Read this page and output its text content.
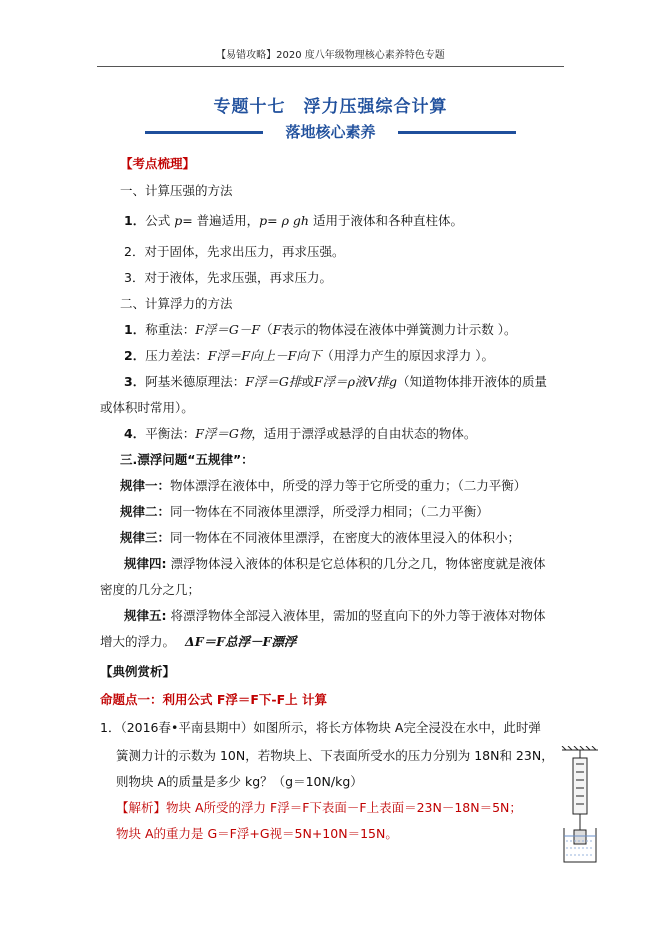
【易错攻略】2020 度八年级物理核心素养特色专题
专题十七　浮力压强综合计算
落地核心素养
【考点梳理】
一、计算压强的方法
1．公式 p= 普遍适用，p= ρ gh 适用于液体和各种直柱体。
2．对于固体，先求出压力，再求压强。
3．对于液体，先求压强，再求压力。
二、计算浮力的方法
1．称重法：F浮＝G－F（F表示的物体浸在液体中弹簧测力计示数 ）。
2．压力差法：F浮＝F向上－F向下（用浮力产生的原因求浮力 ）。
3．阿基米德原理法：F浮＝G排或F浮＝ρ液V排g（知道物体排开液体的质量
或体积时常用）。
4．平衡法：F浮＝G物，适用于漂浮或悬浮的自由状态的物体。
三.漂浮问题“五规律”：
规律一：物体漂浮在液体中，所受的浮力等于它所受的重力；（二力平衡）
规律二：同一物体在不同液体里漂浮，所受浮力相同；（二力平衡）
规律三：同一物体在不同液体里漂浮，在密度大的液体里浸入的体积小；
规律四: 漂浮物体浸入液体的体积是它总体积的几分之几，物体密度就是液体
密度的几分之几；
规律五: 将漂浮物体全部浸入液体里，需加的竖直向下的外力等于液体对物体
增大的浮力。 ΔF＝F总浮－F漂浮
【典例赏析】
命题点一：利用公式 F浮＝F下-F上 计算
1．（2016春•平南县期中）如图所示，将长方体物块 A完全浸没在水中，此时弹
簧测力计的示数为 10N，若物块上、下表面所受水的压力分别为 18N和 23N，
则物块 A的质量是多少 kg？（g＝10N/kg）
【解析】物块 A所受的浮力 F浮＝F下表面－F上表面＝23N－18N＝5N；
物块 A的重力是 G＝F浮+G视＝5N+10N＝15N。
